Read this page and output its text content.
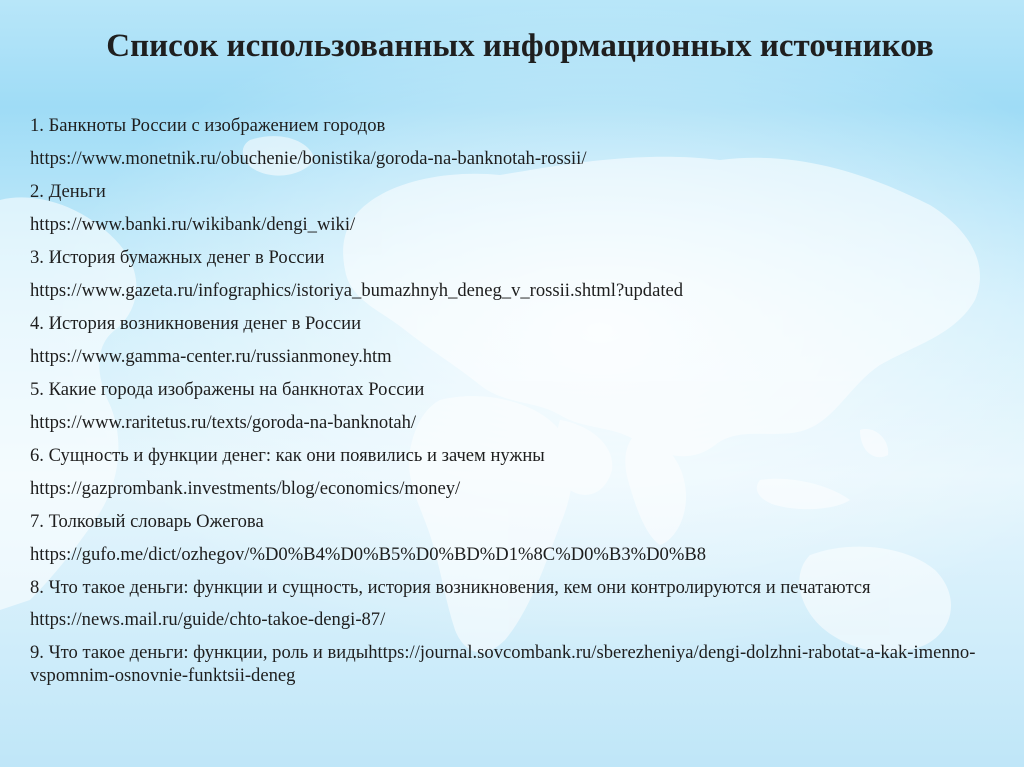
Список использованных информационных источников
1. Банкноты России с изображением городов
https://www.monetnik.ru/obuchenie/bonistika/goroda-na-banknotah-rossii/
2. Деньги
https://www.banki.ru/wikibank/dengi_wiki/
3. История бумажных денег в России
https://www.gazeta.ru/infographics/istoriya_bumazhnyh_deneg_v_rossii.shtml?updated
4. История возникновения денег в России
https://www.gamma-center.ru/russianmoney.htm
5. Какие города изображены на банкнотах России
https://www.raritetus.ru/texts/goroda-na-banknotah/
6. Сущность и функции денег: как они появились и зачем нужны
https://gazprombank.investments/blog/economics/money/
7. Толковый словарь Ожегова
https://gufo.me/dict/ozhegov/%D0%B4%D0%B5%D0%BD%D1%8C%D0%B3%D0%B8
8. Что такое деньги: функции и сущность, история возникновения, кем они контролируются и печатаются
https://news.mail.ru/guide/chto-takoe-dengi-87/
9. Что такое деньги: функции, роль и видыhttps://journal.sovcombank.ru/sberezheniya/dengi-dolzhni-rabotat-a-kak-imenno-vspomnim-osnovnie-funktsii-deneg
